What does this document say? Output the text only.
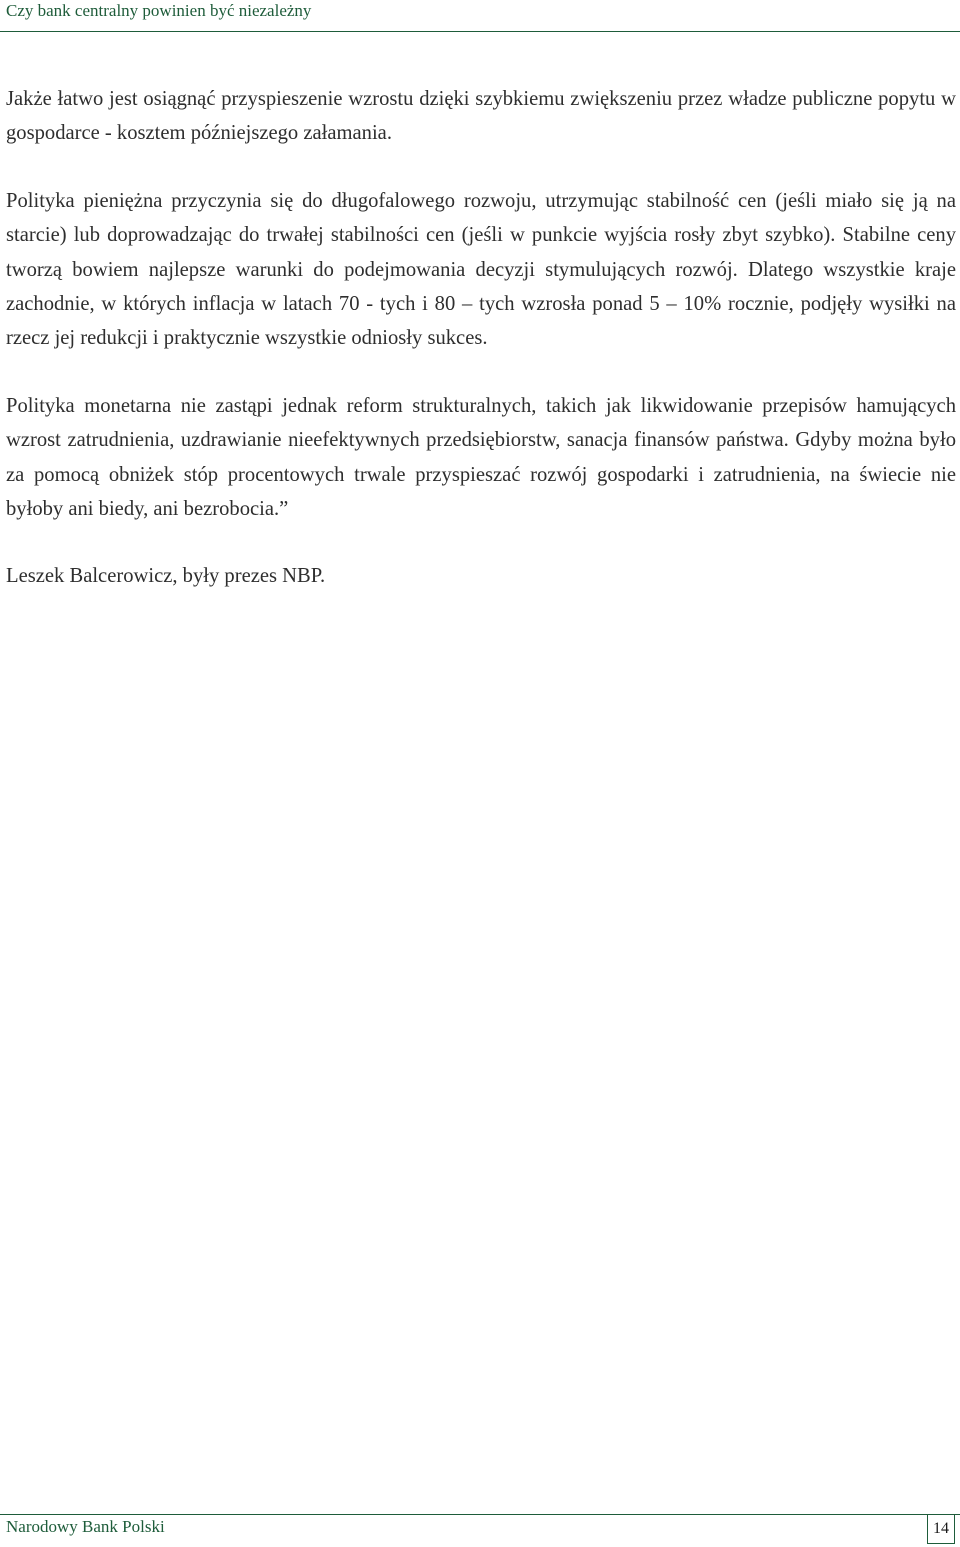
Czy bank centralny powinien być niezależny

Jakże łatwo jest osiągnąć przyspieszenie wzrostu dzięki szybkiemu zwiększeniu przez władze publiczne popytu w gospodarce - kosztem późniejszego załamania.

Polityka pieniężna przyczynia się do długofalowego rozwoju, utrzymując stabilność cen (jeśli miało się ją na starcie) lub doprowadzając do trwałej stabilności cen (jeśli w punkcie wyjścia rosły zbyt szybko). Stabilne ceny tworzą bowiem najlepsze warunki do podejmowania decyzji stymulujących rozwój. Dlatego wszystkie kraje zachodnie, w których inflacja w latach 70 - tych i 80 – tych wzrosła ponad 5 – 10% rocznie, podjęły wysiłki na rzecz jej redukcji i praktycznie wszystkie odniosły sukces.

Polityka monetarna nie zastąpi jednak reform strukturalnych, takich jak likwidowanie przepisów hamujących wzrost zatrudnienia, uzdrawianie nieefektywnych przedsiębiorstw, sanacja finansów państwa. Gdyby można było za pomocą obniżek stóp procentowych trwale przyspieszać rozwój gospodarki i zatrudnienia, na świecie nie byłoby ani biedy, ani bezrobocia.”

Leszek Balcerowicz, były prezes NBP.

Narodowy Bank Polski	14
